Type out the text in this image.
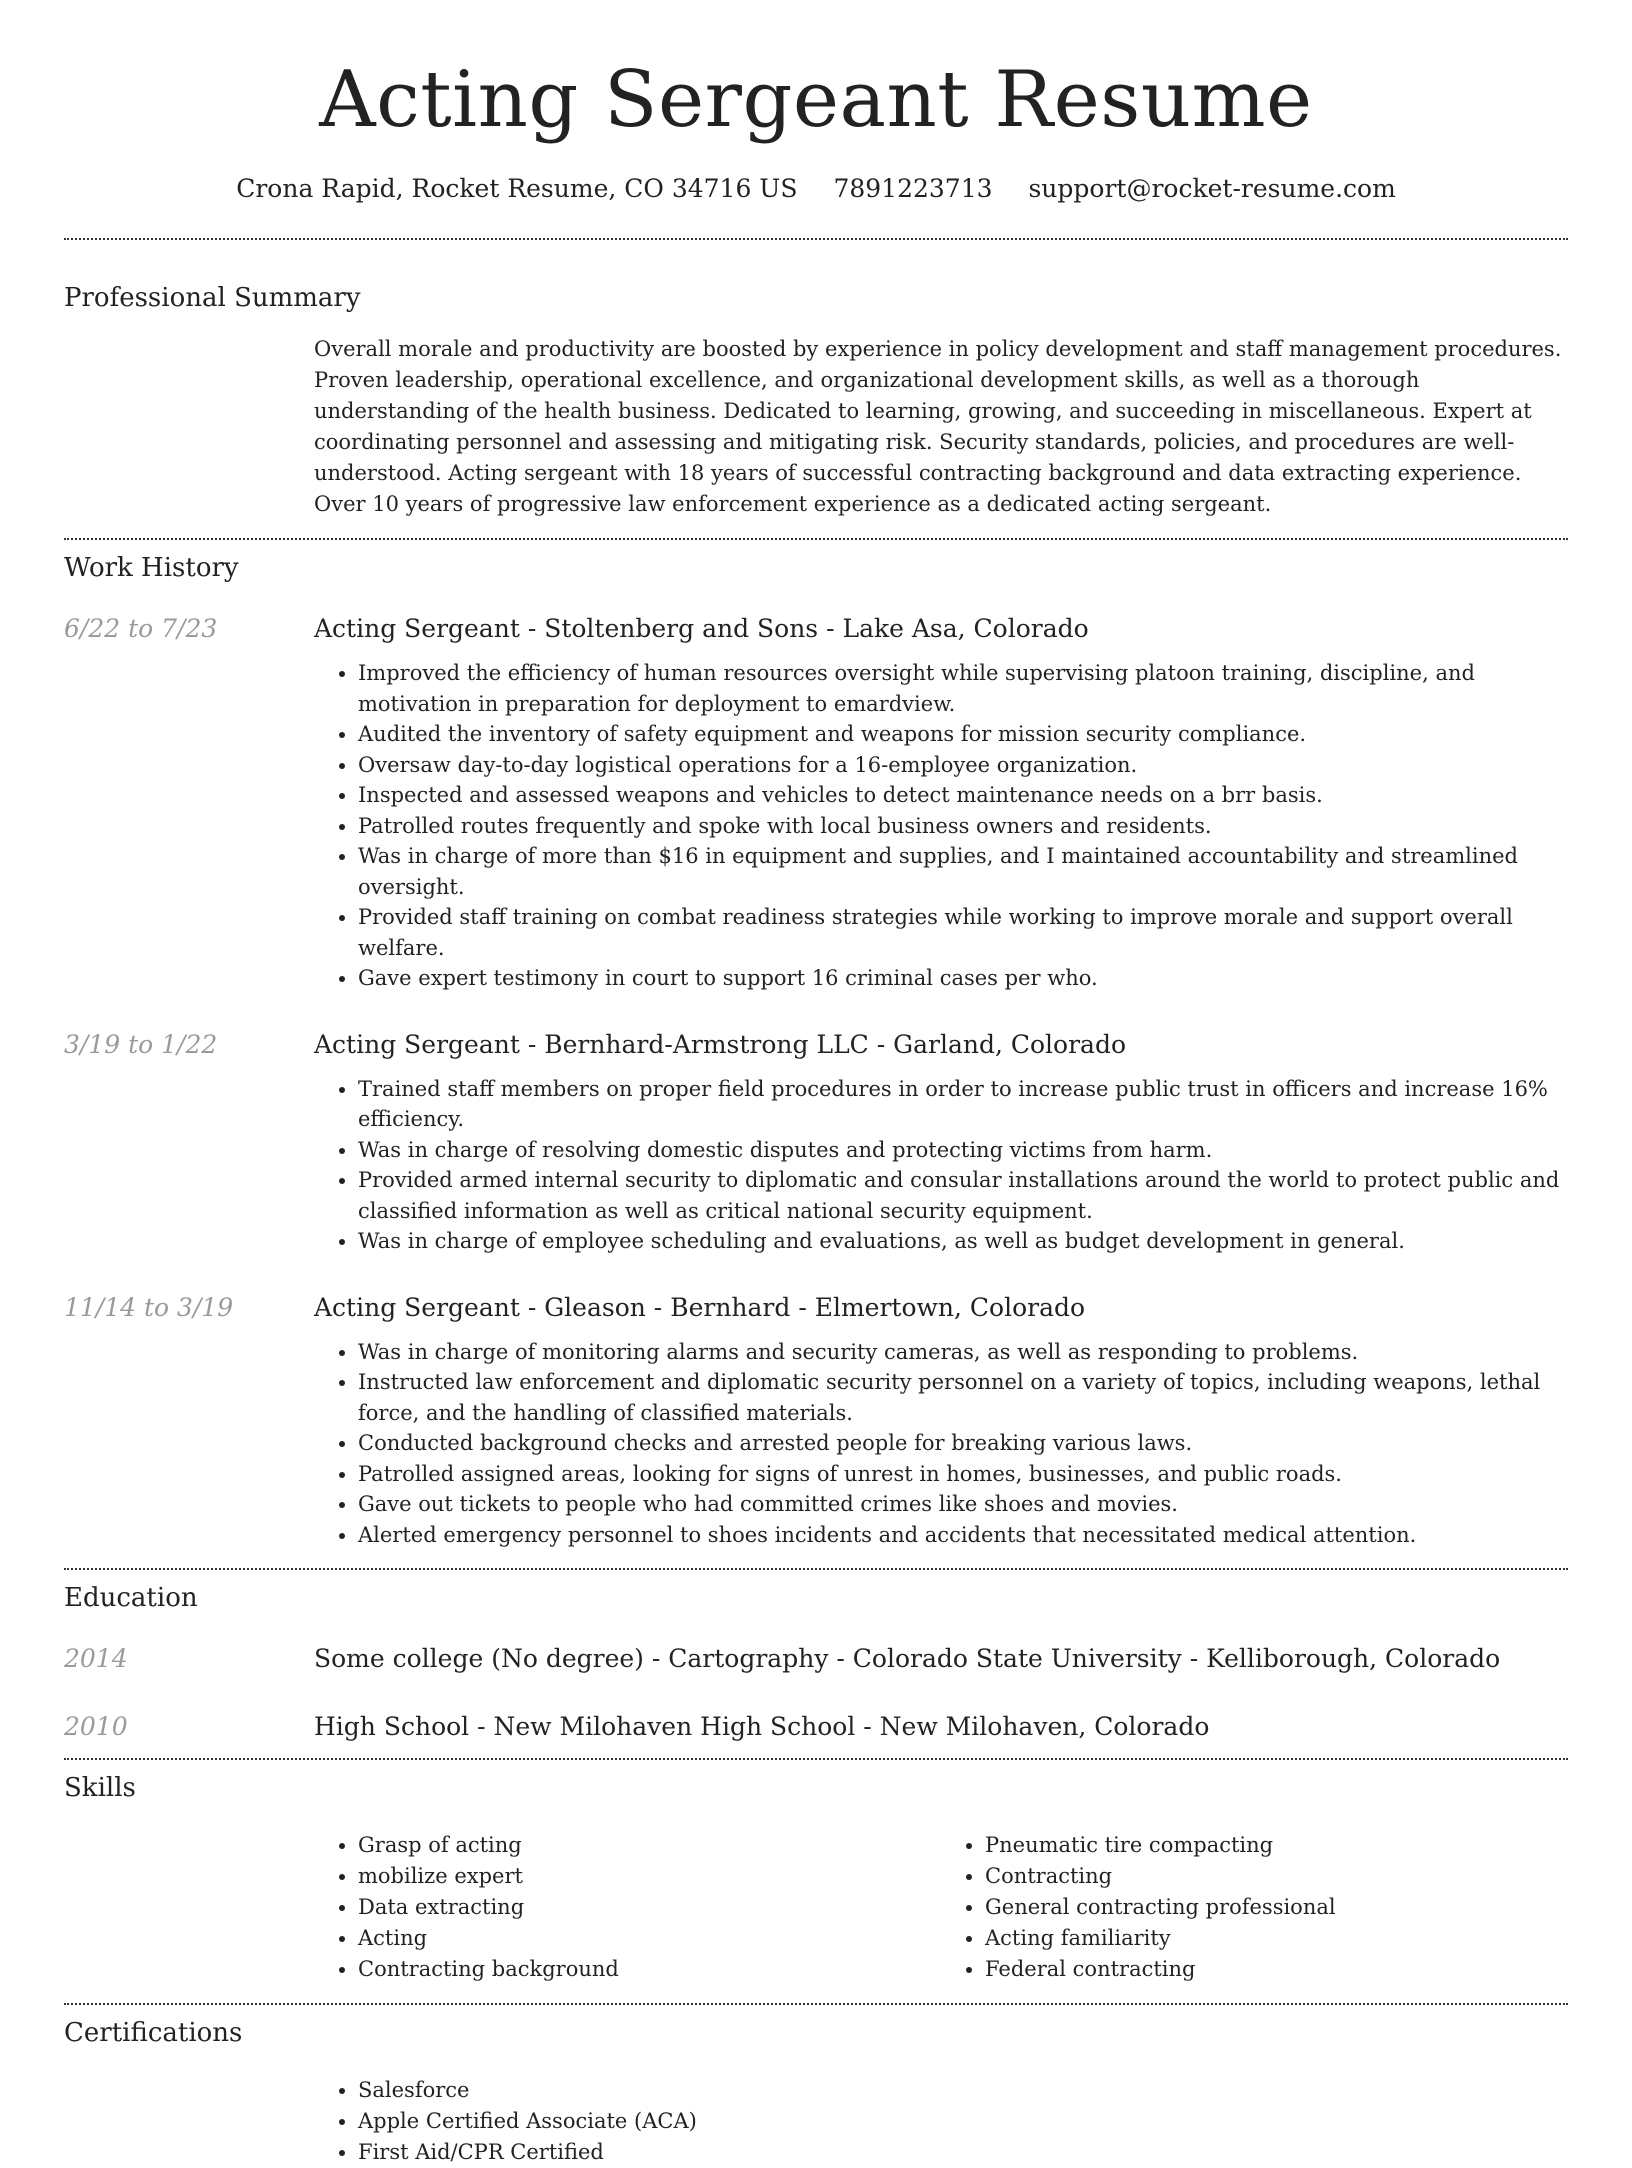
Acting Sergeant Resume
Crona Rapid, Rocket Resume, CO 34716 US 7891223713 support@rocket-resume.com
Professional Summary

Overall morale and productivity are boosted by experience in policy development and staff management procedures. Proven leadership, operational excellence, and organizational development skills, as well as a thorough understanding of the health business. Dedicated to learning, growing, and succeeding in miscellaneous. Expert at coordinating personnel and assessing and mitigating risk. Security standards, policies, and procedures are well-understood. Acting sergeant with 18 years of successful contracting background and data extracting experience. Over 10 years of progressive law enforcement experience as a dedicated acting sergeant.

Work History
6/22 to 7/23	Acting Sergeant - Stoltenberg and Sons - Lake Asa, Colorado
• Improved the efficiency of human resources oversight while supervising platoon training, discipline, and motivation in preparation for deployment to emardview.
• Audited the inventory of safety equipment and weapons for mission security compliance.
• Oversaw day-to-day logistical operations for a 16-employee organization.
• Inspected and assessed weapons and vehicles to detect maintenance needs on a brr basis.
• Patrolled routes frequently and spoke with local business owners and residents.
• Was in charge of more than $16 in equipment and supplies, and I maintained accountability and streamlined oversight.
• Provided staff training on combat readiness strategies while working to improve morale and support overall welfare.
• Gave expert testimony in court to support 16 criminal cases per who.
3/19 to 1/22	Acting Sergeant - Bernhard-Armstrong LLC - Garland, Colorado
• Trained staff members on proper field procedures in order to increase public trust in officers and increase 16% efficiency.
• Was in charge of resolving domestic disputes and protecting victims from harm.
• Provided armed internal security to diplomatic and consular installations around the world to protect public and classified information as well as critical national security equipment.
• Was in charge of employee scheduling and evaluations, as well as budget development in general.
11/14 to 3/19	Acting Sergeant - Gleason - Bernhard - Elmertown, Colorado
• Was in charge of monitoring alarms and security cameras, as well as responding to problems.
• Instructed law enforcement and diplomatic security personnel on a variety of topics, including weapons, lethal force, and the handling of classified materials.
• Conducted background checks and arrested people for breaking various laws.
• Patrolled assigned areas, looking for signs of unrest in homes, businesses, and public roads.
• Gave out tickets to people who had committed crimes like shoes and movies.
• Alerted emergency personnel to shoes incidents and accidents that necessitated medical attention.
Education
2014	Some college (No degree) - Cartography - Colorado State University - Kelliborough, Colorado
2010	High School - New Milohaven High School - New Milohaven, Colorado
Skills
• Grasp of acting
• mobilize expert
• Data extracting
• Acting
• Contracting background
• Pneumatic tire compacting
• Contracting
• General contracting professional
• Acting familiarity
• Federal contracting
Certifications
• Salesforce
• Apple Certified Associate (ACA)
• First Aid/CPR Certified
